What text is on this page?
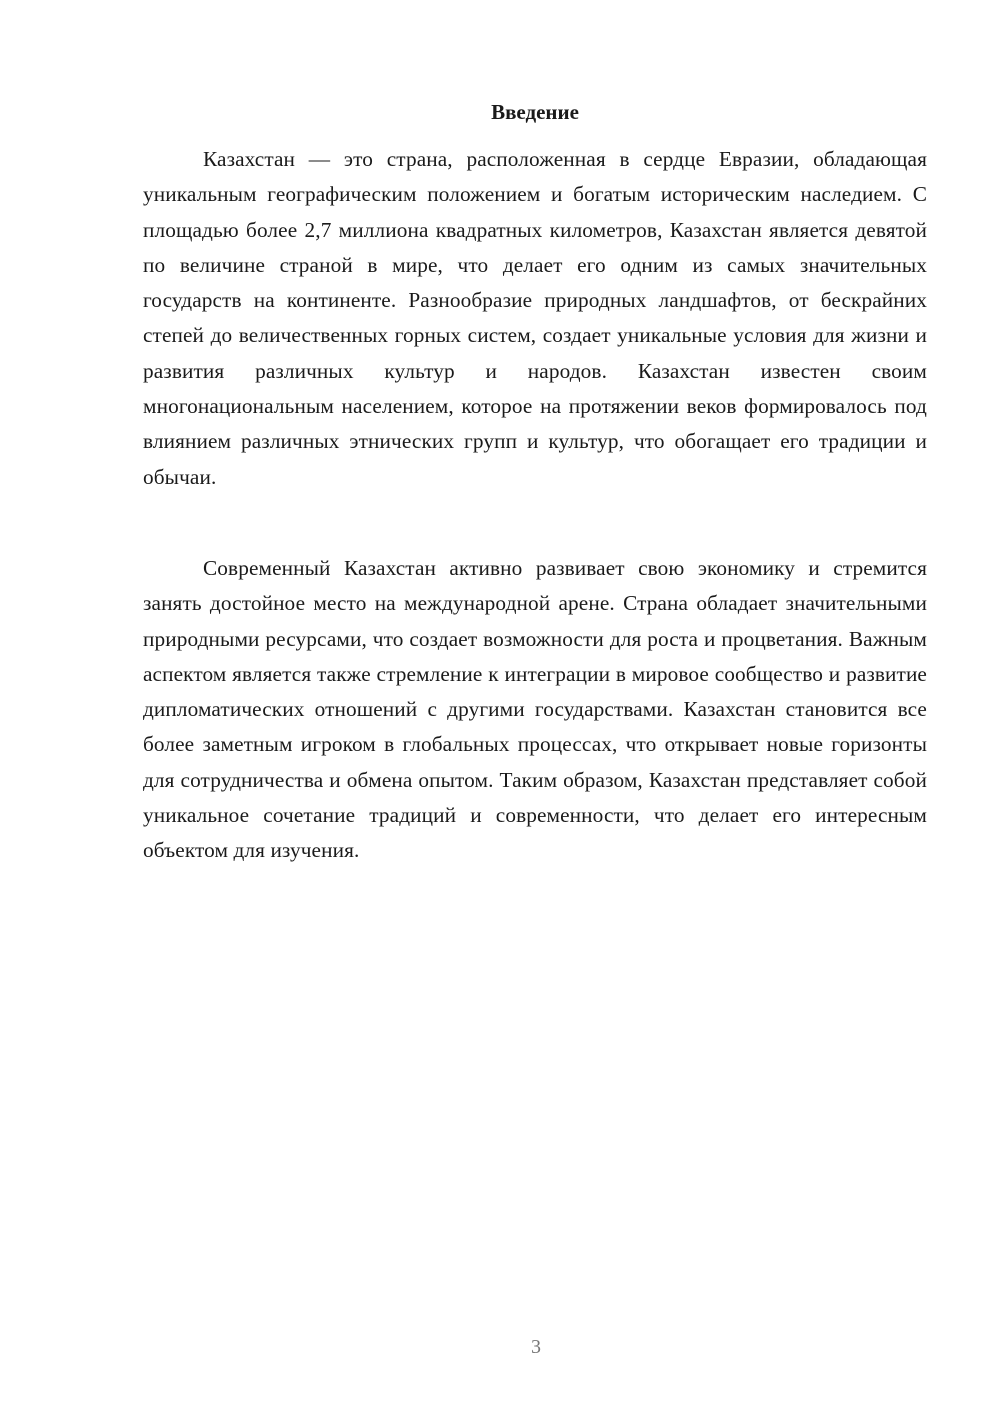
Введение

Казахстан — это страна, расположенная в сердце Евразии, обладающая уникальным географическим положением и богатым историческим наследием. С площадью более 2,7 миллиона квадратных километров, Казахстан является девятой по величине страной в мире, что делает его одним из самых значительных государств на континенте. Разнообразие природных ландшафтов, от бескрайних степей до величественных горных систем, создает уникальные условия для жизни и развития различных культур и народов. Казахстан известен своим многонациональным населением, которое на протяжении веков формировалось под влиянием различных этнических групп и культур, что обогащает его традиции и обычаи.

Современный Казахстан активно развивает свою экономику и стремится занять достойное место на международной арене. Страна обладает значительными природными ресурсами, что создает возможности для роста и процветания. Важным аспектом является также стремление к интеграции в мировое сообщество и развитие дипломатических отношений с другими государствами. Казахстан становится все более заметным игроком в глобальных процессах, что открывает новые горизонты для сотрудничества и обмена опытом. Таким образом, Казахстан представляет собой уникальное сочетание традиций и современности, что делает его интересным объектом для изучения.

3
